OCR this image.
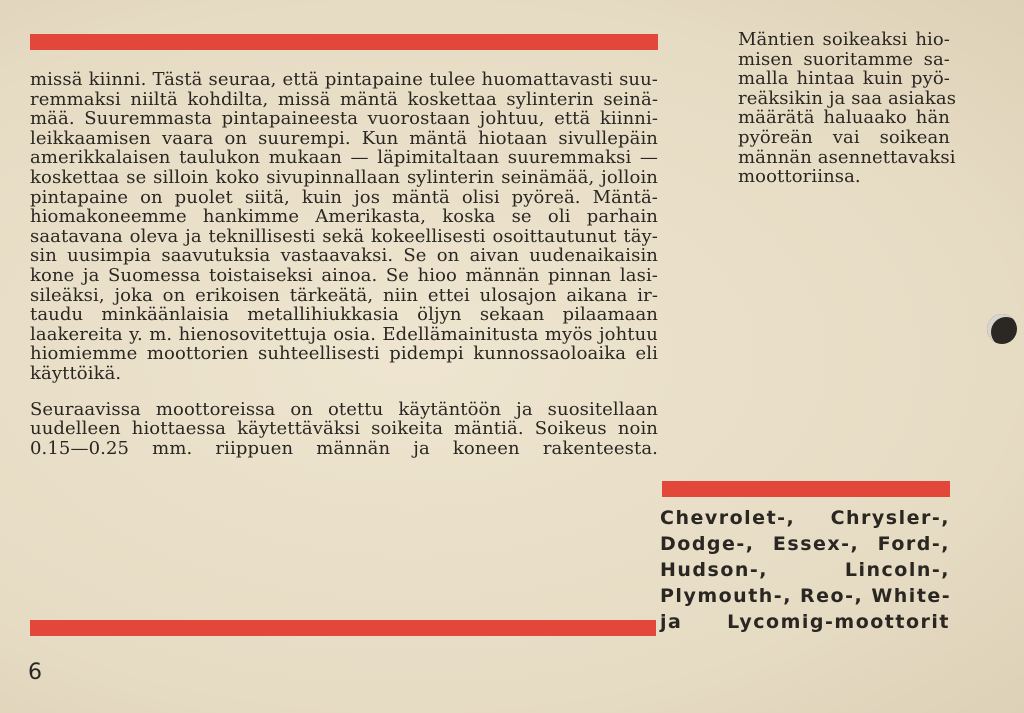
missä kiinni. Tästä seuraa, että pintapaine tulee huomattavasti suu-
remmaksi niiltä kohdilta, missä mäntä koskettaa sylinterin seinä-
mää. Suuremmasta pintapaineesta vuorostaan johtuu, että kiinni-
leikkaamisen vaara on suurempi. Kun mäntä hiotaan sivullepäin
amerikkalaisen taulukon mukaan — läpimitaltaan suuremmaksi —
koskettaa se silloin koko sivupinnallaan sylinterin seinämää, jolloin
pintapaine on puolet siitä, kuin jos mäntä olisi pyöreä. Mäntä-
hiomakoneemme hankimme Amerikasta, koska se oli parhain
saatavana oleva ja teknillisesti sekä kokeellisesti osoittautunut täy-
sin uusimpia saavutuksia vastaavaksi. Se on aivan uudenaikaisin
kone ja Suomessa toistaiseksi ainoa. Se hioo männän pinnan lasi-
sileäksi, joka on erikoisen tärkeätä, niin ettei ulosajon aikana ir-
taudu minkäänlaisia metallihiukkasia öljyn sekaan pilaamaan
laakereita y. m. hienosovitettuja osia. Edellämainitusta myös johtuu
hiomiemme moottorien suhteellisesti pidempi kunnossaoloaika eli
käyttöikä.
Seuraavissa moottoreissa on otettu käytäntöön ja suositellaan
uudelleen hiottaessa käytettäväksi soikeita mäntiä. Soikeus noin
0.15—0.25 mm. riippuen männän ja koneen rakenteesta.
Mäntien soikeaksi hio-
misen suoritamme sa-
malla hintaa kuin pyö-
reäksikin ja saa asiakas
määrätä haluaako hän
pyöreän vai soikean
männän asennettavaksi
moottoriinsa.
Chevrolet-, Chrysler-,
Dodge-, Essex-, Ford-,
Hudson-, Lincoln-,
Plymouth-, Reo-, White-
ja Lycomig-moottorit
6
